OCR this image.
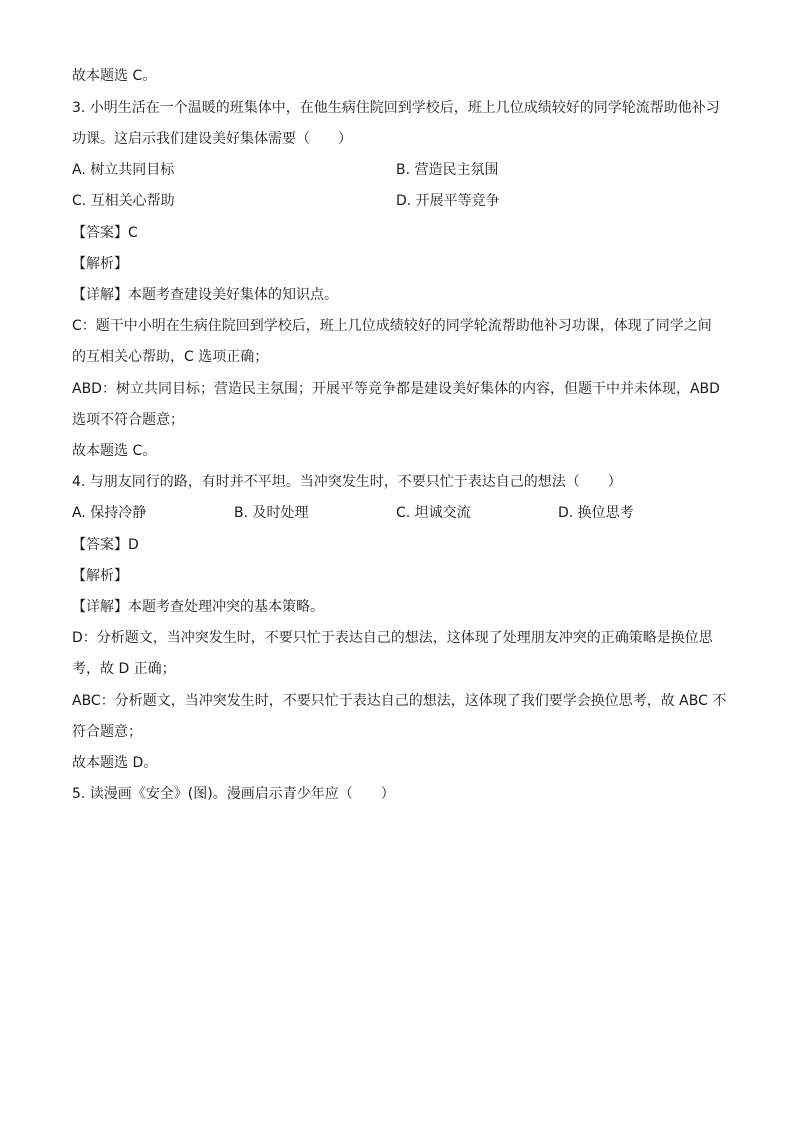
故本题选 C。
3. 小明生活在一个温暖的班集体中，在他生病住院回到学校后，班上几位成绩较好的同学轮流帮助他补习
功课。这启示我们建设美好集体需要（　　）
A. 树立共同目标	B. 营造民主氛围
C. 互相关心帮助	D. 开展平等竞争
【答案】C
【解析】
【详解】本题考查建设美好集体的知识点。
C：题干中小明在生病住院回到学校后，班上几位成绩较好的同学轮流帮助他补习功课，体现了同学之间
的互相关心帮助，C 选项正确；
ABD：树立共同目标；营造民主氛围；开展平等竞争都是建设美好集体的内容，但题干中并未体现，ABD
选项不符合题意；
故本题选 C。
4. 与朋友同行的路，有时并不平坦。当冲突发生时，不要只忙于表达自己的想法（　　）
A. 保持冷静	B. 及时处理	C. 坦诚交流	D. 换位思考
【答案】D
【解析】
【详解】本题考查处理冲突的基本策略。
D：分析题文，当冲突发生时，不要只忙于表达自己的想法，这体现了处理朋友冲突的正确策略是换位思
考，故 D 正确；
ABC：分析题文，当冲突发生时，不要只忙于表达自己的想法，这体现了我们要学会换位思考，故 ABC 不
符合题意；
故本题选 D。
5. 读漫画《安全》(图)。漫画启示青少年应（　　）
